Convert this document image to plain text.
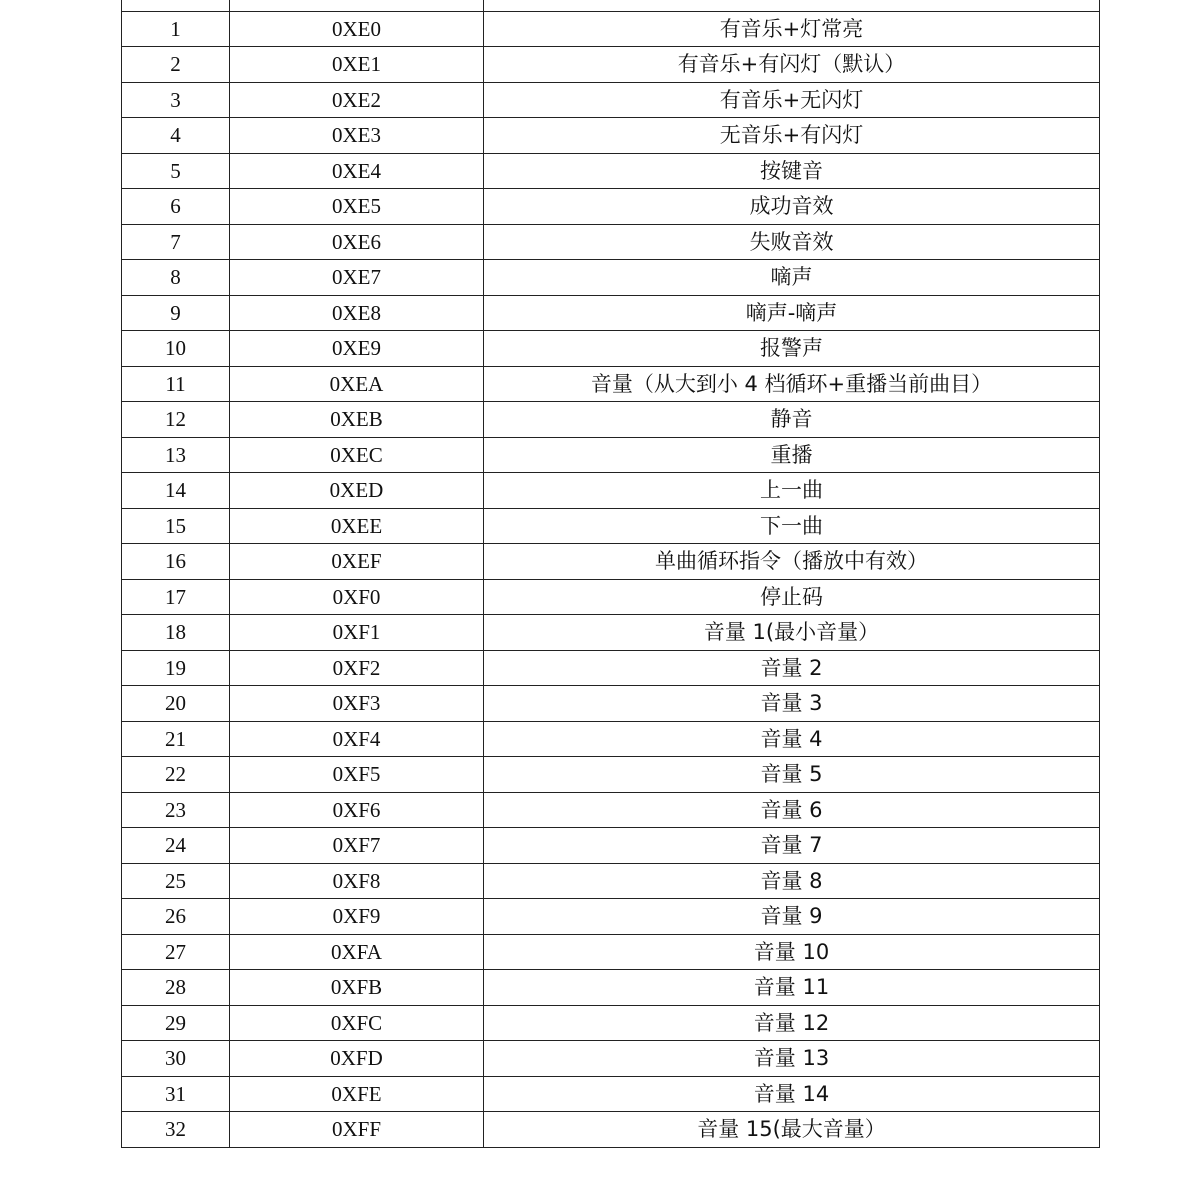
1	0XE0	有音乐+灯常亮
2	0XE1	有音乐+有闪灯（默认）
3	0XE2	有音乐+无闪灯
4	0XE3	无音乐+有闪灯
5	0XE4	按键音
6	0XE5	成功音效
7	0XE6	失败音效
8	0XE7	嘀声
9	0XE8	嘀声-嘀声
10	0XE9	报警声
11	0XEA	音量（从大到小 4 档循环+重播当前曲目）
12	0XEB	静音
13	0XEC	重播
14	0XED	上一曲
15	0XEE	下一曲
16	0XEF	单曲循环指令（播放中有效）
17	0XF0	停止码
18	0XF1	音量 1(最小音量）
19	0XF2	音量 2
20	0XF3	音量 3
21	0XF4	音量 4
22	0XF5	音量 5
23	0XF6	音量 6
24	0XF7	音量 7
25	0XF8	音量 8
26	0XF9	音量 9
27	0XFA	音量 10
28	0XFB	音量 11
29	0XFC	音量 12
30	0XFD	音量 13
31	0XFE	音量 14
32	0XFF	音量 15(最大音量）
